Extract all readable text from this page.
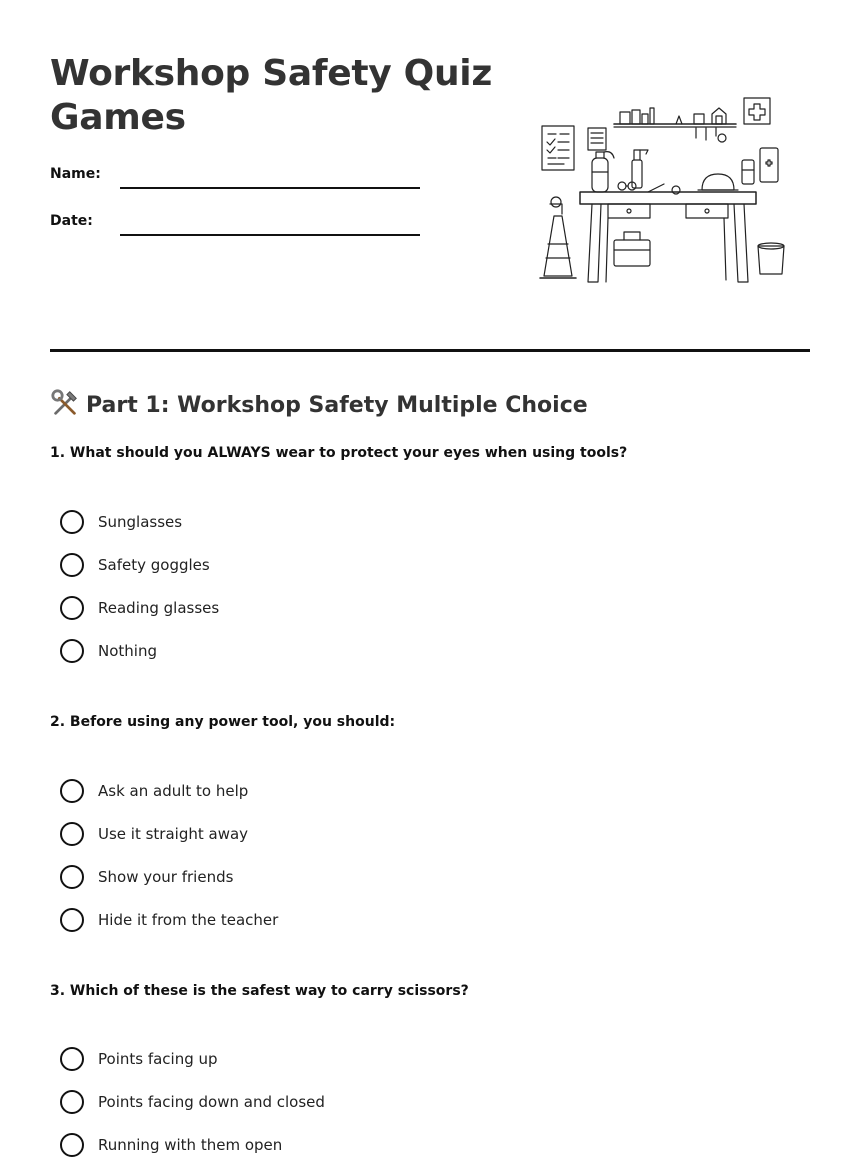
Workshop Safety Quiz Games
Name:
Date:
Part 1: Workshop Safety Multiple Choice

1. What should you ALWAYS wear to protect your eyes when using tools?

Sunglasses
Safety goggles
Reading glasses
Nothing

2. Before using any power tool, you should:

Ask an adult to help
Use it straight away
Show your friends
Hide it from the teacher

3. Which of these is the safest way to carry scissors?

Points facing up
Points facing down and closed
Running with them open
